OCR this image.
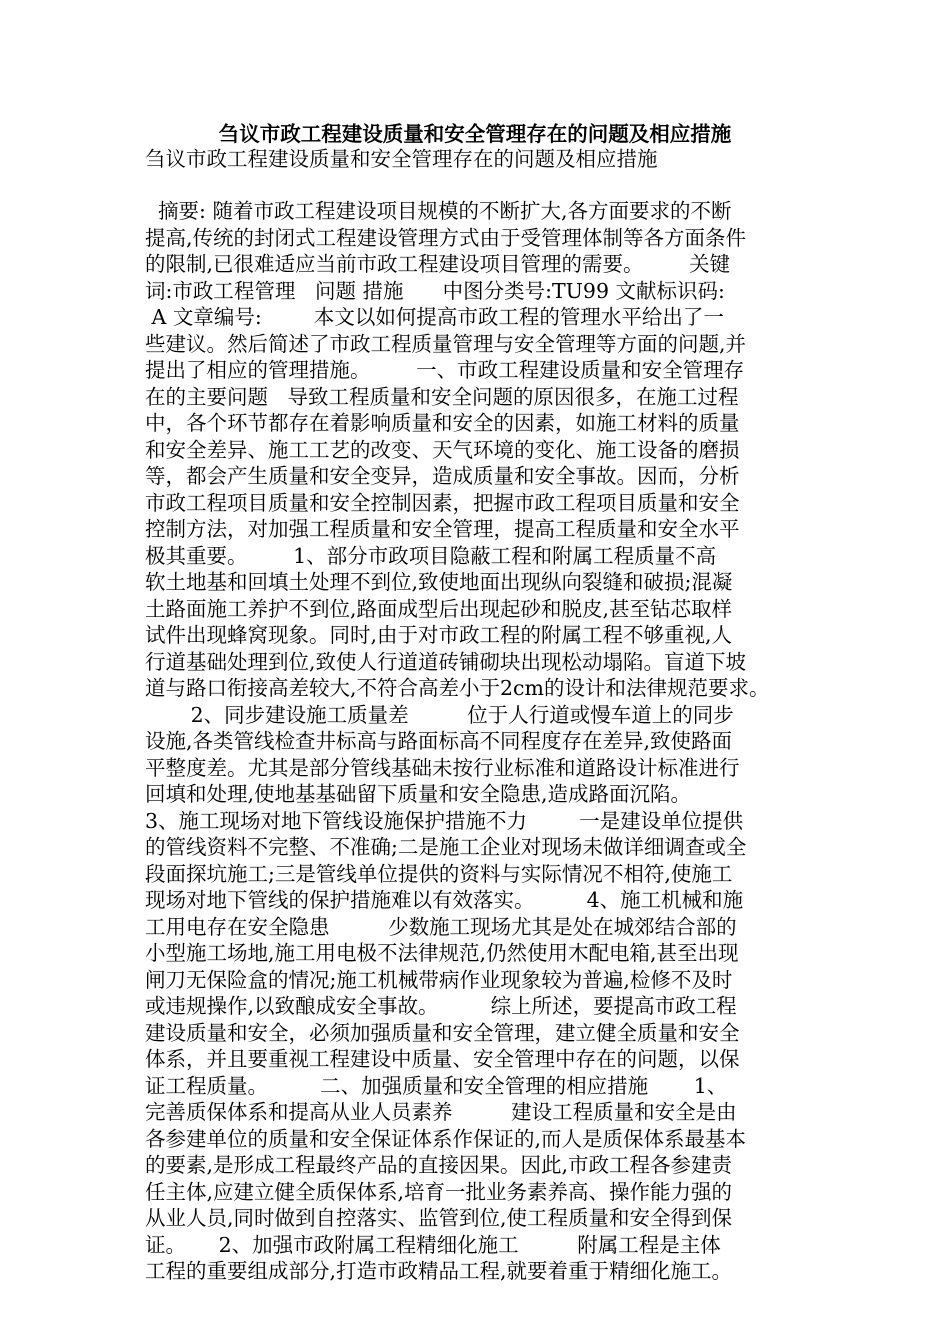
刍议市政工程建设质量和安全管理存在的问题及相应措施
刍议市政工程建设质量和安全管理存在的问题及相应措施
摘要: 随着市政工程建设项目规模的不断扩大,各方面要求的不断
提高,传统的封闭式工程建设管理方式由于受管理体制等各方面条件
的限制,已很难适应当前市政工程建设项目管理的需要。       关键
词:市政工程管理   问题 措施      中图分类号:TU99 文献标识码:
A 文章编号:        本文以如何提高市政工程的管理水平给出了一
些建议。然后简述了市政工程质量管理与安全管理等方面的问题,并
提出了相应的管理措施。       一、市政工程建设质量和安全管理存
在的主要问题   导致工程质量和安全问题的原因很多，在施工过程
中，各个环节都存在着影响质量和安全的因素，如施工材料的质量
和安全差异、施工工艺的改变、天气环境的变化、施工设备的磨损
等，都会产生质量和安全变异，造成质量和安全事故。因而，分析
市政工程项目质量和安全控制因素，把握市政工程项目质量和安全
控制方法，对加强工程质量和安全管理，提高工程质量和安全水平
极其重要。       1、部分市政项目隐蔽工程和附属工程质量不高
软土地基和回填土处理不到位,致使地面出现纵向裂缝和破损;混凝
土路面施工养护不到位,路面成型后出现起砂和脱皮,甚至钻芯取样
试件出现蜂窝现象。同时,由于对市政工程的附属工程不够重视,人
行道基础处理到位,致使人行道道砖铺砌块出现松动塌陷。盲道下坡
道与路口衔接高差较大,不符合高差小于2cm的设计和法律规范要求。
2、同步建设施工质量差         位于人行道或慢车道上的同步
设施,各类管线检查井标高与路面标高不同程度存在差异,致使路面
平整度差。尤其是部分管线基础未按行业标准和道路设计标准进行
回填和处理,使地基基础留下质量和安全隐患,造成路面沉陷。
3、施工现场对地下管线设施保护措施不力        一是建设单位提供
的管线资料不完整、不准确;二是施工企业对现场未做详细调查或全
段面探坑施工;三是管线单位提供的资料与实际情况不相符,使施工
现场对地下管线的保护措施难以有效落实。        4、施工机械和施
工用电存在安全隐患         少数施工现场尤其是处在城郊结合部的
小型施工场地,施工用电极不法律规范,仍然使用木配电箱,甚至出现
闸刀无保险盒的情况;施工机械带病作业现象较为普遍,检修不及时
或违规操作,以致酿成安全事故。        综上所述，要提高市政工程
建设质量和安全，必须加强质量和安全管理，建立健全质量和安全
体系，并且要重视工程建设中质量、安全管理中存在的问题，以保
证工程质量。        二、加强质量和安全管理的相应措施       1、
完善质保体系和提高从业人员素养         建设工程质量和安全是由
各参建单位的质量和安全保证体系作保证的,而人是质保体系最基本
的要素,是形成工程最终产品的直接因果。因此,市政工程各参建责
任主体,应建立健全质保体系,培育一批业务素养高、操作能力强的
从业人员,同时做到自控落实、监管到位,使工程质量和安全得到保
证。     2、加强市政附属工程精细化施工         附属工程是主体
工程的重要组成部分,打造市政精品工程,就要着重于精细化施工。
